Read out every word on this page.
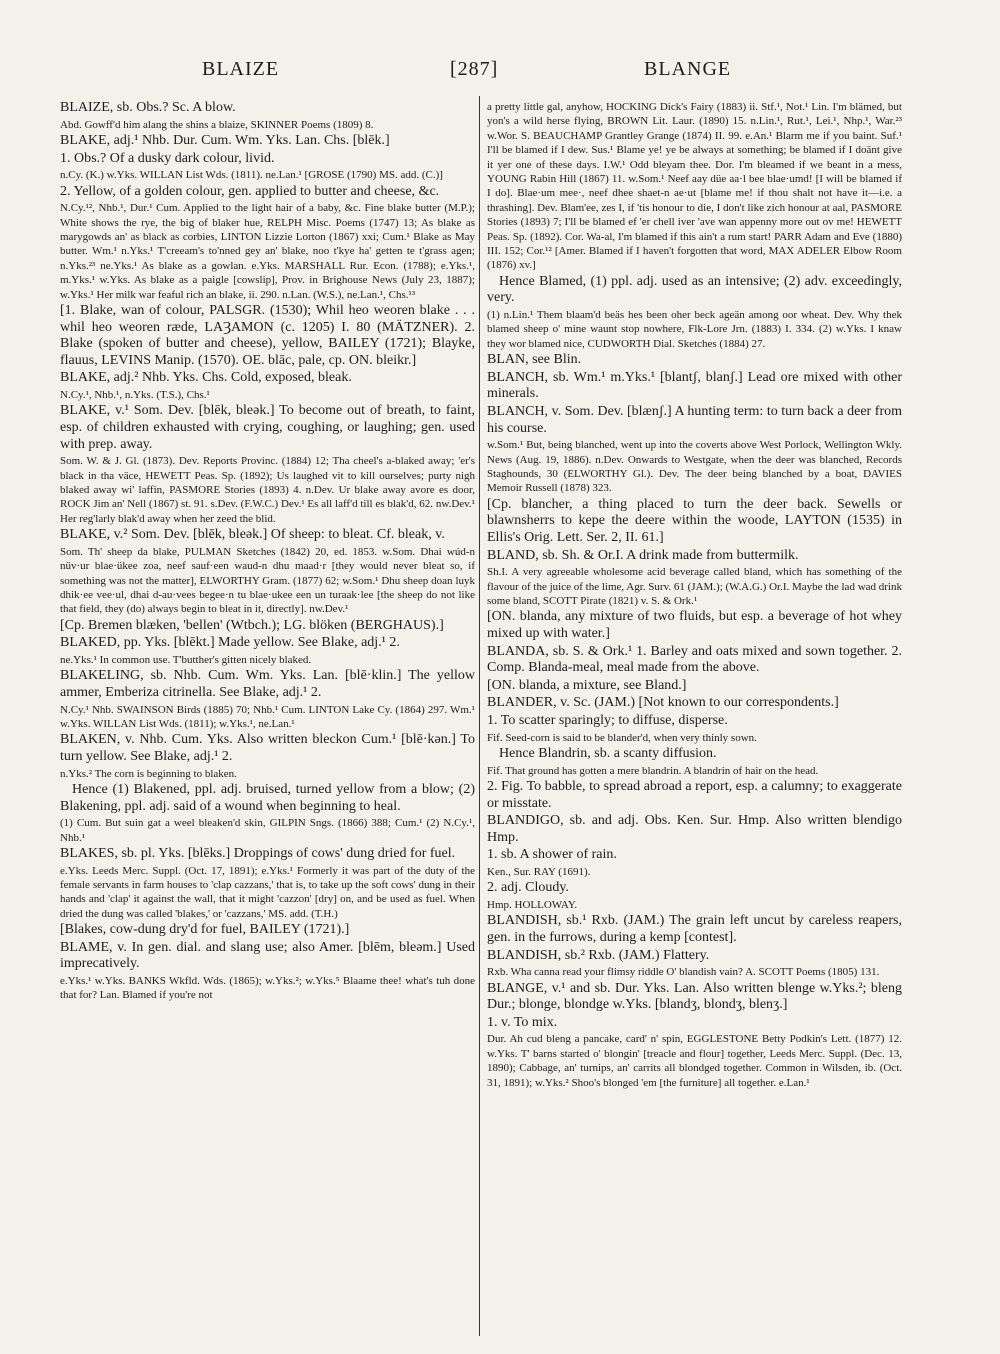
BLAIZE	[287]	BLANGE

BLAIZE, sb. Obs.? Sc. A blow.

Abd. Gowff'd him alang the shins a blaize, SKINNER Poems (1809) 8.

BLAKE, adj.¹ Nhb. Dur. Cum. Wm. Yks. Lan. Chs. [blēk.]

1. Obs.? Of a dusky dark colour, livid.

n.Cy. (K.) w.Yks. WILLAN List Wds. (1811). ne.Lan.¹ [GROSE (1790) MS. add. (C.)]

2. Yellow, of a golden colour, gen. applied to butter and cheese, &c.

N.Cy.¹², Nhb.¹, Dur.¹ Cum. Applied to the light hair of a baby, &c. Fine blake butter (M.P.); White shows the rye, the big of blaker hue, RELPH Misc. Poems (1747) 13; As blake as marygowds an' as black as corbies, LINTON Lizzie Lorton (1867) xxi; Cum.¹ Blake as May butter. Wm.¹ n.Yks.¹ T'creeam's to'nned gey an' blake, noo t'kye ha' getten te t'grass agen; n.Yks.²³ ne.Yks.¹ As blake as a gowlan. e.Yks. MARSHALL Rur. Econ. (1788); e.Yks.¹, m.Yks.¹ w.Yks. As blake as a paigle [cowslip], Prov. in Brighouse News (July 23, 1887); w.Yks.¹ Her milk war feaful rich an blake, ii. 290. n.Lan. (W.S.), ne.Lan.¹, Chs.¹³

[1. Blake, wan of colour, PALSGR. (1530); Whil heo weoren blake . . . whil heo weoren ræde, LAȜAMON (c. 1205) I. 80 (MÄTZNER). 2. Blake (spoken of butter and cheese), yellow, BAILEY (1721); Blayke, flauus, LEVINS Manip. (1570). OE. blāc, pale, cp. ON. bleikr.]

BLAKE, adj.² Nhb. Yks. Chs. Cold, exposed, bleak.

N.Cy.¹, Nhb.¹, n.Yks. (T.S.), Chs.¹

BLAKE, v.¹ Som. Dev. [blēk, bleək.] To become out of breath, to faint, esp. of children exhausted with crying, coughing, or laughing; gen. used with prep. away.

Som. W. & J. Gl. (1873). Dev. Reports Provinc. (1884) 12; Tha cheel's a-blaked away; 'er's black in tha väce, HEWETT Peas. Sp. (1892); Us laughed vit to kill ourselves; purty nigh blaked away wi' laffin, PASMORE Stories (1893) 4. n.Dev. Ur blake away avore es door, ROCK Jim an' Nell (1867) st. 91. s.Dev. (F.W.C.) Dev.¹ Es all laff'd till es blak'd, 62. nw.Dev.¹ Her reg'larly blak'd away when her zeed the blid.

BLAKE, v.² Som. Dev. [blēk, bleək.] Of sheep: to bleat. Cf. bleak, v.

Som. Th' sheep da blake, PULMAN Sketches (1842) 20, ed. 1853. w.Som. Dhai wúd-n nüv·ur blae·ükee zoa, neef sauf·een waud-n dhu maad·r [they would never bleat so, if something was not the matter], ELWORTHY Gram. (1877) 62; w.Som.¹ Dhu sheep doan luyk dhik·ee vee·ul, dhai d-au·vees begee·n tu blae·ukee een un turaak·lee [the sheep do not like that field, they (do) always begin to bleat in it, directly]. nw.Dev.¹

[Cp. Bremen blæken, 'bellen' (Wtbch.); LG. blöken (BERGHAUS).]

BLAKED, pp. Yks. [blēkt.] Made yellow. See Blake, adj.¹ 2.

ne.Yks.¹ In common use. T'butther's gitten nicely blaked.

BLAKELING, sb. Nhb. Cum. Wm. Yks. Lan. [blē·klin.] The yellow ammer, Emberiza citrinella. See Blake, adj.¹ 2.

N.Cy.¹ Nhb. SWAINSON Birds (1885) 70; Nhb.¹ Cum. LINTON Lake Cy. (1864) 297. Wm.¹ w.Yks. WILLAN List Wds. (1811); w.Yks.¹, ne.Lan.¹

BLAKEN, v. Nhb. Cum. Yks. Also written bleckon Cum.¹ [blē·kən.] To turn yellow. See Blake, adj.¹ 2.

n.Yks.² The corn is beginning to blaken.

Hence (1) Blakened, ppl. adj. bruised, turned yellow from a blow; (2) Blakening, ppl. adj. said of a wound when beginning to heal.

(1) Cum. But suin gat a weel bleaken'd skin, GILPIN Sngs. (1866) 388; Cum.¹ (2) N.Cy.¹, Nhb.¹

BLAKES, sb. pl. Yks. [blēks.] Droppings of cows' dung dried for fuel.

e.Yks. Leeds Merc. Suppl. (Oct. 17, 1891); e.Yks.¹ Formerly it was part of the duty of the female servants in farm houses to 'clap cazzans,' that is, to take up the soft cows' dung in their hands and 'clap' it against the wall, that it might 'cazzon' [dry] on, and be used as fuel. When dried the dung was called 'blakes,' or 'cazzans,' MS. add. (T.H.)

[Blakes, cow-dung dry'd for fuel, BAILEY (1721).]

BLAME, v. In gen. dial. and slang use; also Amer. [blēm, bleəm.] Used imprecatively.

e.Yks.¹ w.Yks. BANKS Wkfld. Wds. (1865); w.Yks.²; w.Yks.⁵ Blaame thee! what's tuh done that for? Lan. Blamed if you're not

a pretty little gal, anyhow, HOCKING Dick's Fairy (1883) ii. Stf.¹, Not.¹ Lin. I'm blämed, but yon's a wild herse flying, BROWN Lit. Laur. (1890) 15. n.Lin.¹, Rut.¹, Lei.¹, Nhp.¹, War.²³ w.Wor. S. BEAUCHAMP Grantley Grange (1874) II. 99. e.An.¹ Blarm me if you baint. Suf.¹ I'll be blamed if I dew. Sus.¹ Blame ye! ye be always at something; be blamed if I doänt give it yer one of these days. I.W.¹ Odd bleyam thee. Dor. I'm bleamed if we beant in a mess, YOUNG Rabin Hill (1867) 11. w.Som.¹ Neef aay düe aa·l bee blae·umd! [I will be blamed if I do]. Blae·um mee·, neef dhee shaet-n ae·ut [blame me! if thou shalt not have it—i.e. a thrashing]. Dev. Blam'ee, zes I, if 'tis honour to die, I don't like zich honour at aal, PASMORE Stories (1893) 7; I'll be blamed ef 'er chell iver 'ave wan appenny more out ov me! HEWETT Peas. Sp. (1892). Cor. Wa-al, I'm blamed if this ain't a rum start! PARR Adam and Eve (1880) III. 152; Cor.¹² [Amer. Blamed if I haven't forgotten that word, MAX ADELER Elbow Room (1876) xv.]

Hence Blamed, (1) ppl. adj. used as an intensive; (2) adv. exceedingly, very.

(1) n.Lin.¹ Them blaam'd beäs hes been oher beck ageän among oor wheat. Dev. Why thek blamed sheep o' mine waunt stop nowhere, Flk-Lore Jrn. (1883) I. 334. (2) w.Yks. I knaw they wor blamed nice, CUDWORTH Dial. Sketches (1884) 27.

BLAN, see Blin.

BLANCH, sb. Wm.¹ m.Yks.¹ [blantʃ, blanʃ.] Lead ore mixed with other minerals.

BLANCH, v. Som. Dev. [blænʃ.] A hunting term: to turn back a deer from his course.

w.Som.¹ But, being blanched, went up into the coverts above West Porlock, Wellington Wkly. News (Aug. 19, 1886). n.Dev. Onwards to Westgate, when the deer was blanched, Records Staghounds, 30 (ELWORTHY Gl.). Dev. The deer being blanched by a boat, DAVIES Memoir Russell (1878) 323.

[Cp. blancher, a thing placed to turn the deer back. Sewells or blawnsherrs to kepe the deere within the woode, LAYTON (1535) in Ellis's Orig. Lett. Ser. 2, II. 61.]

BLAND, sb. Sh. & Or.I. A drink made from buttermilk.

Sh.I. A very agreeable wholesome acid beverage called bland, which has something of the flavour of the juice of the lime, Agr. Surv. 61 (JAM.); (W.A.G.) Or.I. Maybe the lad wad drink some bland, SCOTT Pirate (1821) v. S. & Ork.¹

[ON. blanda, any mixture of two fluids, but esp. a beverage of hot whey mixed up with water.]

BLANDA, sb. S. & Ork.¹ 1. Barley and oats mixed and sown together. 2. Comp. Blanda-meal, meal made from the above.

[ON. blanda, a mixture, see Bland.]

BLANDER, v. Sc. (JAM.) [Not known to our correspondents.]

1. To scatter sparingly; to diffuse, disperse.

Fif. Seed-corn is said to be blander'd, when very thinly sown.

Hence Blandrin, sb. a scanty diffusion.

Fif. That ground has gotten a mere blandrin. A blandrin of hair on the head.

2. Fig. To babble, to spread abroad a report, esp. a calumny; to exaggerate or misstate.

BLANDIGO, sb. and adj. Obs. Ken. Sur. Hmp. Also written blendigo Hmp.

1. sb. A shower of rain.

Ken., Sur. RAY (1691).

2. adj. Cloudy.

Hmp. HOLLOWAY.

BLANDISH, sb.¹ Rxb. (JAM.) The grain left uncut by careless reapers, gen. in the furrows, during a kemp [contest].

BLANDISH, sb.² Rxb. (JAM.) Flattery.

Rxb. Wha canna read your flimsy riddle O' blandish vain? A. SCOTT Poems (1805) 131.

BLANGE, v.¹ and sb. Dur. Yks. Lan. Also written blenge w.Yks.²; bleng Dur.; blonge, blondge w.Yks. [blandʒ, blondʒ, blenʒ.]

1. v. To mix.

Dur. Ah cud bleng a pancake, card' n' spin, EGGLESTONE Betty Podkin's Lett. (1877) 12. w.Yks. T' barns started o' blongin' [treacle and flour] together, Leeds Merc. Suppl. (Dec. 13, 1890); Cabbage, an' turnips, an' carrits all blondged together. Common in Wilsden, ib. (Oct. 31, 1891); w.Yks.² Shoo's blonged 'em [the furniture] all together. e.Lan.¹
